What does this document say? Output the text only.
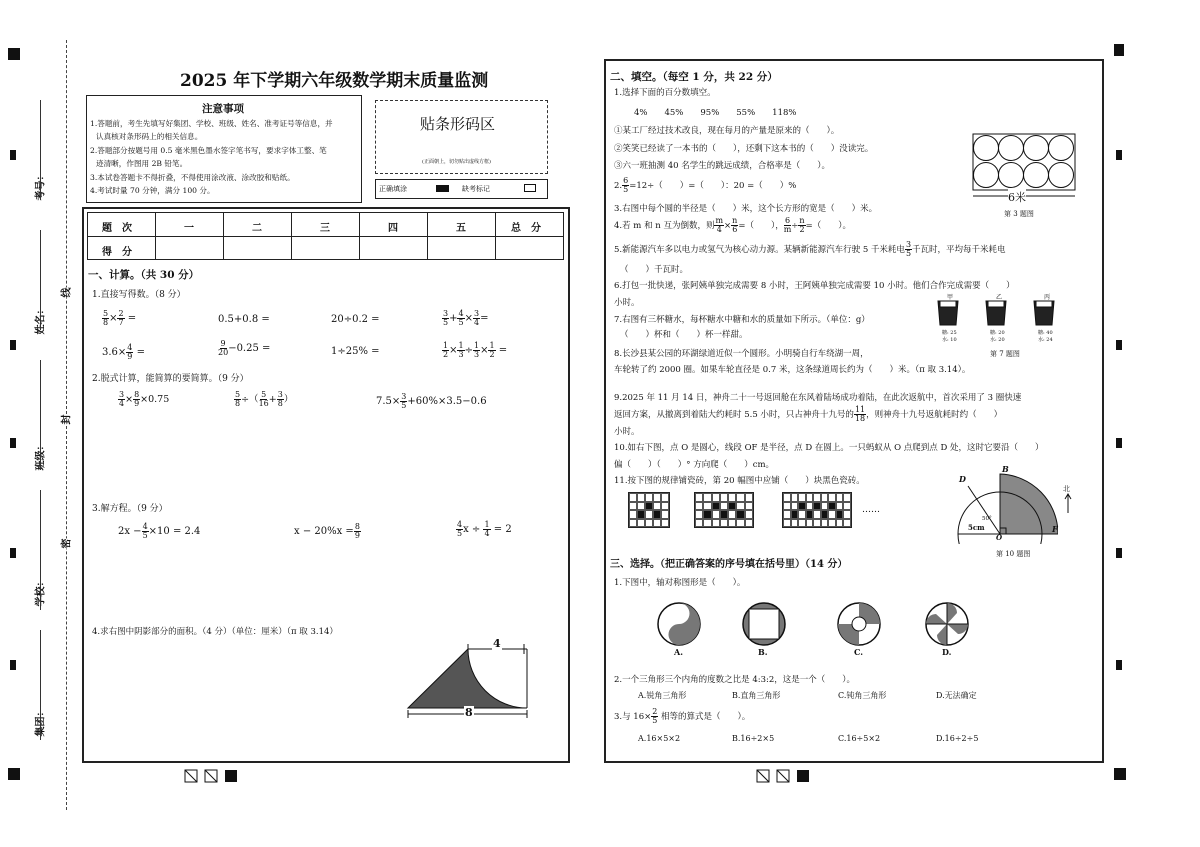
考号：
姓名：
班级：
学校：
集团：
线
封
密
2025 年下学期六年级数学期末质量监测
注意事项
1.答题前，考生先填写好集团、学校、班级、姓名、准考证号等信息，并
认真核对条形码上的相关信息。
2.答题部分按题号用 0.5 毫米黑色墨水签字笔书写，要求字体工整、笔
迹清晰，作图用 2B 铅笔。
3.本试卷答题卡不得折叠，不得使用涂改液、涂改胶和贴纸。
4.考试时量 70 分钟，满分 100 分。
贴条形码区
(正面朝上，切勿贴出虚线方框)
正确填涂	缺考标记
题　次	一	二	三	四	五	总　分
得　分
一、计算。（共 30 分）
1.直接写得数。（8 分）
$\frac{5}{8} \times \frac{2}{7}$ =	0.5+0.8 =	20÷0.2 =	$\frac{3}{5} + \frac{4}{5} \times \frac{3}{4}$ =
$3.6\times \frac{4}{9}$ =	$\frac{9}{20} -0.25$ =	1÷25% =	$\frac{1}{2} \times \frac{1}{3} \div \frac{1}{3} \times \frac{1}{2}$ =
2.脱式计算，能简算的要简算。（9 分）
$\frac{3}{4} \times \frac{8}{9} \times 0.75$	$\frac{5}{8}$ ÷（ $\frac{5}{16} + \frac{3}{8}$ ）	$7.5\times \frac{3}{5} +60\%\times 3.5-0.6$
3.解方程。（9 分）
$2x - \frac{4}{5} \times 10 = 2.4$	$x - 20\%x = \frac{8}{9}$	$\frac{4}{5}$ $x \div \frac{1}{4} = 2$
4.求右图中阴影部分的面积。（4 分）（单位：厘米）（π 取 3.14）
4
8
二、填空。（每空 1 分，共 22 分）
1.选择下面的百分数填空。
4%　　45%　　95%　　55%　　118%
①某工厂经过技术改良，现在每月的产量是原来的（　　）。
②笑笑已经读了一本书的（　　），还剩下这本书的（　　）没读完。
③六一班抽测 40 名学生的跳远成绩，合格率是（　　）。
2. $\frac{6}{5} =12\div$（　　）=（　　）：20 =（　　）%
3.右图中每个圆的半径是（　　）米，这个长方形的宽是（　　）米。
4.若 m 和 n 互为倒数，则 $\frac{m}{4} \times \frac{n}{6}$ =（　　）， $\frac{6}{m} \div \frac{n}{2}$ =（　　）。
5.新能源汽车多以电力或氢气为核心动力源。某辆新能源汽车行驶 5 千米耗电 $\frac{3}{5}$ 千瓦时，平均每千米耗电
（　　）千瓦时。
6.打包一批快递，张阿姨单独完成需要 8 小时，王阿姨单独完成需要 10 小时。他们合作完成需要（　　）
小时。
7.右图有三杯糖水，每杯糖水中糖和水的质量如下所示。（单位：g）
（　　）杯和（　　）杯一样甜。
8.长沙县某公园的环湖绿道近似一个圆形。小明骑自行车绕湖一周，
车轮转了约 2000 圈。如果车轮直径是 0.7 米，这条绿道周长约为（　　）米。（π 取 3.14）。
9.2025 年 11 月 14 日，神舟二十一号返回舱在东风着陆场成功着陆，在此次返航中，首次采用了 3 圈快速
返回方案，从撤离到着陆大约耗时 5.5 小时，只占神舟十九号的 $\frac{11}{18}$ ，则神舟十九号返航耗时约（　　）
小时。
10.如右下图，点 O 是圆心，线段 OF 是半径，点 D 在圆上。一只蚂蚁从 O 点爬到点 D 处，这时它要沿（　　）
偏（　　）（　　）° 方向爬（　　）cm。
11.按下图的规律铺瓷砖，第 20 幅图中应铺（　　）块黑色瓷砖。
6米
第 3 题图
甲	乙	丙
糖: 25
水: 10
糖: 20
水: 20
糖: 40
水: 24
第 7 题图
……
B
D
50°
5cm
O
F
北
第 10 题图
三、选择。（把正确答案的序号填在括号里）（14 分）
1.下图中，轴对称图形是（　　）。
A.	B.	C.	D.
2.一个三角形三个内角的度数之比是 4:3:2，这是一个（　　）。
A.锐角三角形	B.直角三角形	C.钝角三角形	D.无法确定
3.与 $16\times \frac{2}{5}$ 相等的算式是（　　）。
A.16×5×2	B.16÷2×5	C.16÷5×2	D.16÷2÷5
